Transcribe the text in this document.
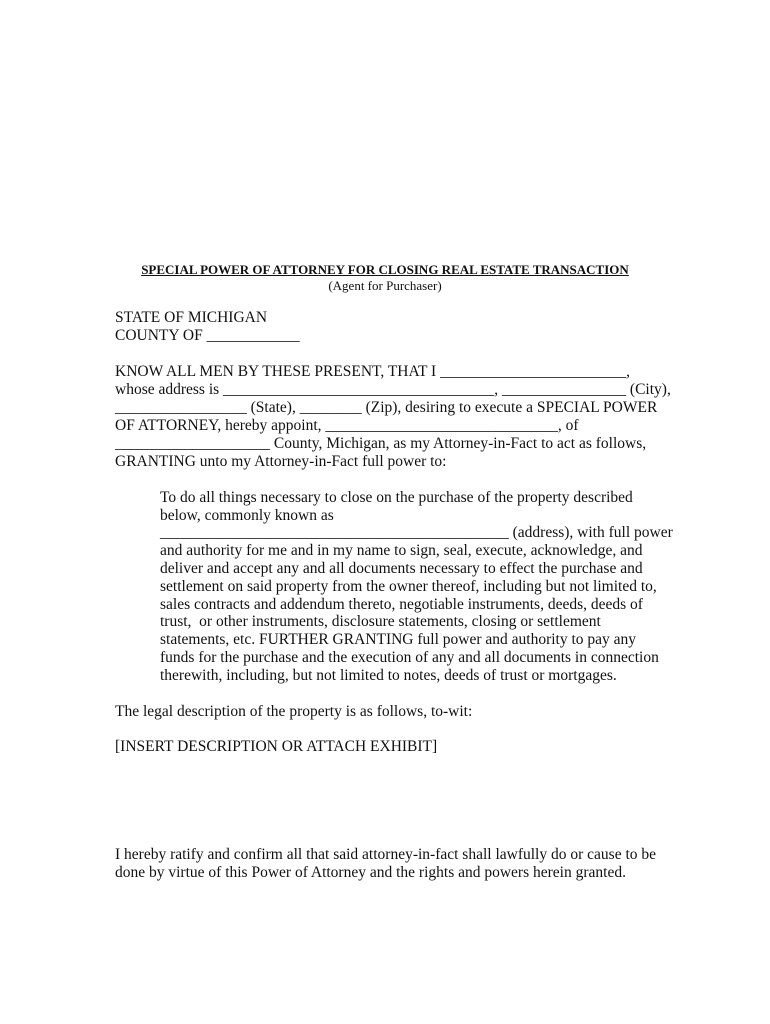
SPECIAL POWER OF ATTORNEY FOR CLOSING REAL ESTATE TRANSACTION
(Agent for Purchaser)
STATE OF MICHIGAN
COUNTY OF ____________
KNOW ALL MEN BY THESE PRESENT, THAT I ________________________,
whose address is ___________________________________, ________________ (City),
_________________ (State), ________ (Zip), desiring to execute a SPECIAL POWER
OF ATTORNEY, hereby appoint, ______________________________, of
____________________ County, Michigan, as my Attorney-in-Fact to act as follows,
GRANTING unto my Attorney-in-Fact full power to:
To do all things necessary to close on the purchase of the property described
below, commonly known as
_____________________________________________ (address), with full power
and authority for me and in my name to sign, seal, execute, acknowledge, and
deliver and accept any and all documents necessary to effect the purchase and
settlement on said property from the owner thereof, including but not limited to,
sales contracts and addendum thereto, negotiable instruments, deeds, deeds of
trust,  or other instruments, disclosure statements, closing or settlement
statements, etc. FURTHER GRANTING full power and authority to pay any
funds for the purchase and the execution of any and all documents in connection
therewith, including, but not limited to notes, deeds of trust or mortgages.
The legal description of the property is as follows, to-wit:
[INSERT DESCRIPTION OR ATTACH EXHIBIT]
I hereby ratify and confirm all that said attorney-in-fact shall lawfully do or cause to be
done by virtue of this Power of Attorney and the rights and powers herein granted.
